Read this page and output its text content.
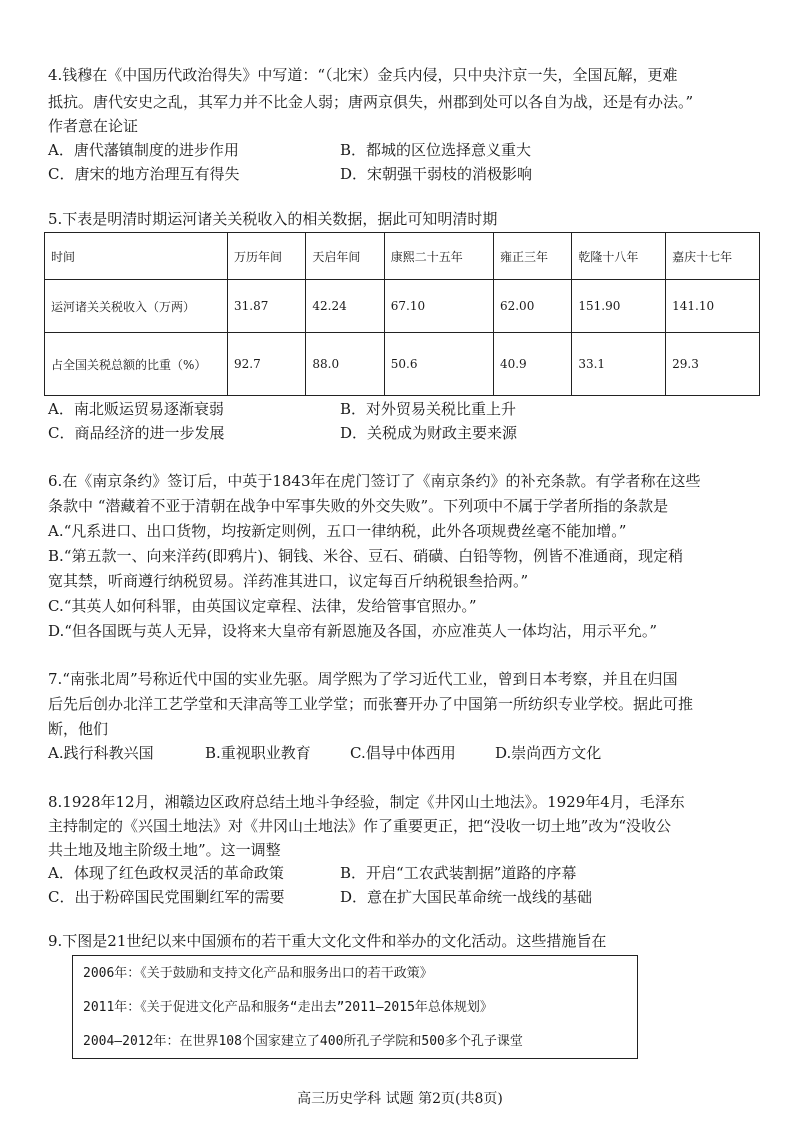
4.钱穆在《中国历代政治得失》中写道：“（北宋）金兵内侵，只中央汴京一失，全国瓦解，更难
抵抗。唐代安史之乱，其军力并不比金人弱；唐两京俱失，州郡到处可以各自为战，还是有办法。”
作者意在论证
A．唐代藩镇制度的进步作用	B．都城的区位选择意义重大
C．唐宋的地方治理互有得失	D．宋朝强干弱枝的消极影响
5.下表是明清时期运河诸关关税收入的相关数据，据此可知明清时期
时间	万历年间	天启年间	康熙二十五年	雍正三年	乾隆十八年	嘉庆十七年
运河诸关关税收入（万两）	31.87	42.24	67.10	62.00	151.90	141.10
占全国关税总额的比重（%）	92.7	88.0	50.6	40.9	33.1	29.3
A．南北贩运贸易逐渐衰弱	B．对外贸易关税比重上升
C．商品经济的进一步发展	D．关税成为财政主要来源
6.在《南京条约》签订后，中英于1843年在虎门签订了《南京条约》的补充条款。有学者称在这些
条款中 “潜藏着不亚于清朝在战争中军事失败的外交失败”。下列项中不属于学者所指的条款是
A.“凡系进口、出口货物，均按新定则例，五口一律纳税，此外各项规费丝毫不能加增。”
B.“第五款一、向来洋药(即鸦片)、铜钱、米谷、豆石、硝磺、白铅等物，例皆不准通商，现定稍
宽其禁，听商遵行纳税贸易。洋药准其进口，议定每百斤纳税银叁拾两。”
C.“其英人如何科罪，由英国议定章程、法律，发给管事官照办。”
D.“但各国既与英人无异，设将来大皇帝有新恩施及各国，亦应准英人一体均沾，用示平允。”
7.“南张北周”号称近代中国的实业先驱。周学熙为了学习近代工业，曾到日本考察，并且在归国
后先后创办北洋工艺学堂和天津高等工业学堂；而张謇开办了中国第一所纺织专业学校。据此可推
断，他们
A.践行科教兴国	B.重视职业教育	C.倡导中体西用	D.崇尚西方文化
8.1928年12月，湘赣边区政府总结土地斗争经验，制定《井冈山土地法》。1929年4月，毛泽东
主持制定的《兴国土地法》对《井冈山土地法》作了重要更正，把“没收一切土地”改为“没收公
共土地及地主阶级土地”。这一调整
A．体现了红色政权灵活的革命政策	B．开启“工农武装割据”道路的序幕
C．出于粉碎国民党围剿红军的需要	D．意在扩大国民革命统一战线的基础
9.下图是21世纪以来中国颁布的若干重大文化文件和举办的文化活动。这些措施旨在
2006年：《关于鼓励和支持文化产品和服务出口的若干政策》
2011年：《关于促进文化产品和服务“走出去”2011—2015年总体规划》
2004—2012年：在世界108个国家建立了400所孔子学院和500多个孔子课堂
高三历史学科 试题 第2页(共8页)
